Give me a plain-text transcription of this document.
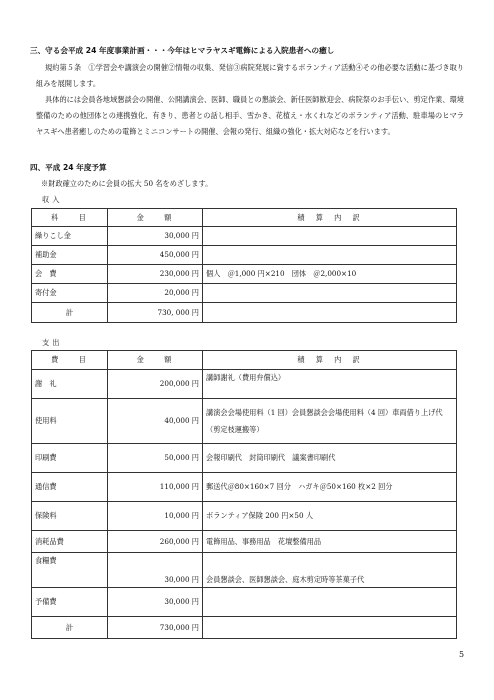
三、守る会平成 24 年度事業計画・・・今年はヒマラヤスギ電飾による入院患者への癒し
規約第５条　①学習会や講演会の開催②情報の収集、発信③病院発展に資するボランティア活動④その他必要な活動に基づき取り組みを展開します。
具体的には会員各地域懇談会の開催、公開講演会、医師、職員との懇談会、新任医師歓迎会、病院祭のお手伝い、剪定作業、環境整備のための他団体との連携強化、有きり、患者との話し相手、雪かき、花植え・水くれなどのボランティア活動、駐車場のヒマラヤスギへ患者癒しのための電飾とミニコンサートの開催、会報の発行、組織の強化・拡大対応などを行います。
四、平成 24 年度予算
※財政確立のために会員の拡大 50 名をめざします。
収入
科　　目	金　　額	積　算　内　訳
繰りこし金	30,000 円	
補助金	450,000 円	
会　費	230,000 円	個人　＠1,000 円×210　団体　＠2,000×10
寄付金	20,000 円	
計	730, 000 円	
支出
費　　目	金　　額	積　算　内　訳
謝　礼	200,000 円	講師謝礼（費用弁償込）
使用料	40,000 円	講演会会場使用料（1 回）会員懇談会会場使用料（4 回）車両借り上げ代（剪定枝運搬等）
印刷費	50,000 円	会報印刷代　封筒印刷代　議案書印刷代
通信費	110,000 円	郵送代＠80×160×7 回分　ハガキ＠50×160 枚×2 回分
保険料	10,000 円	ボランティア保険 200 円×50 人
消耗品費	260,000 円	電飾用品、事務用品　花壇整備用品
食糧費	30,000 円	会員懇談会、医師懇談会、庭木剪定時等茶菓子代
予備費	30,000 円	
計	730,000 円	
5
